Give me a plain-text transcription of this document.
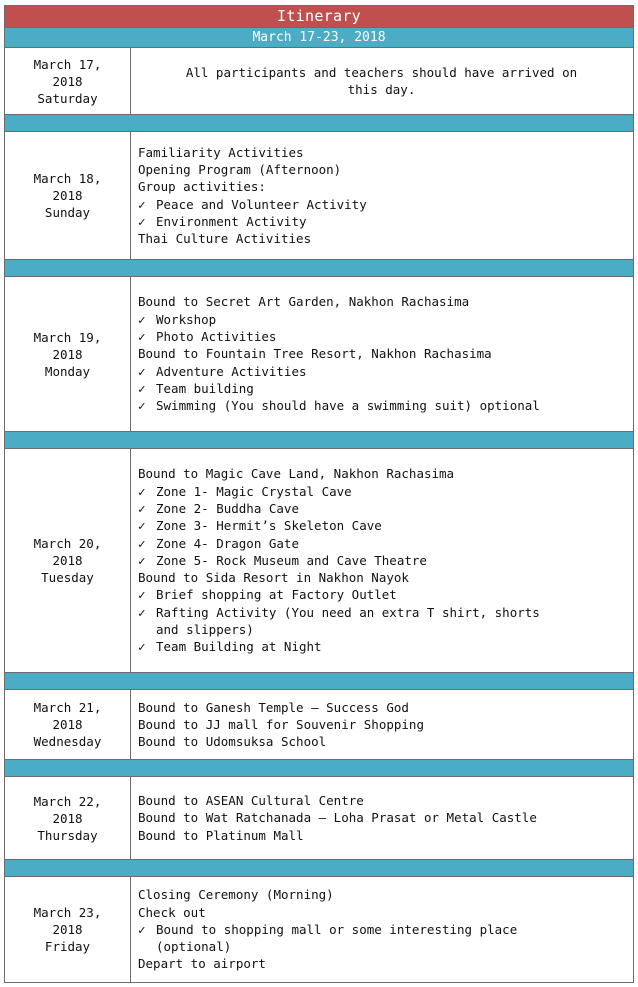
Itinerary
March 17-23, 2018
March 17,
2018
Saturday
All participants and teachers should have arrived on
this day.
March 18,
2018
Sunday
Familiarity Activities
Opening Program (Afternoon)
Group activities:
✓ Peace and Volunteer Activity
✓ Environment Activity
Thai Culture Activities
March 19,
2018
Monday
Bound to Secret Art Garden, Nakhon Rachasima
✓ Workshop
✓ Photo Activities
Bound to Fountain Tree Resort, Nakhon Rachasima
✓ Adventure Activities
✓ Team building
✓ Swimming (You should have a swimming suit) optional
March 20,
2018
Tuesday
Bound to Magic Cave Land, Nakhon Rachasima
✓ Zone 1- Magic Crystal Cave
✓ Zone 2- Buddha Cave
✓ Zone 3- Hermit’s Skeleton Cave
✓ Zone 4- Dragon Gate
✓ Zone 5- Rock Museum and Cave Theatre
Bound to Sida Resort in Nakhon Nayok
✓ Brief shopping at Factory Outlet
✓ Rafting Activity (You need an extra T shirt, shorts
and slippers)
✓ Team Building at Night
March 21,
2018
Wednesday
Bound to Ganesh Temple – Success God
Bound to JJ mall for Souvenir Shopping
Bound to Udomsuksa School
March 22,
2018
Thursday
Bound to ASEAN Cultural Centre
Bound to Wat Ratchanada – Loha Prasat or Metal Castle
Bound to Platinum Mall
March 23,
2018
Friday
Closing Ceremony (Morning)
Check out
✓ Bound to shopping mall or some interesting place
(optional)
Depart to airport
